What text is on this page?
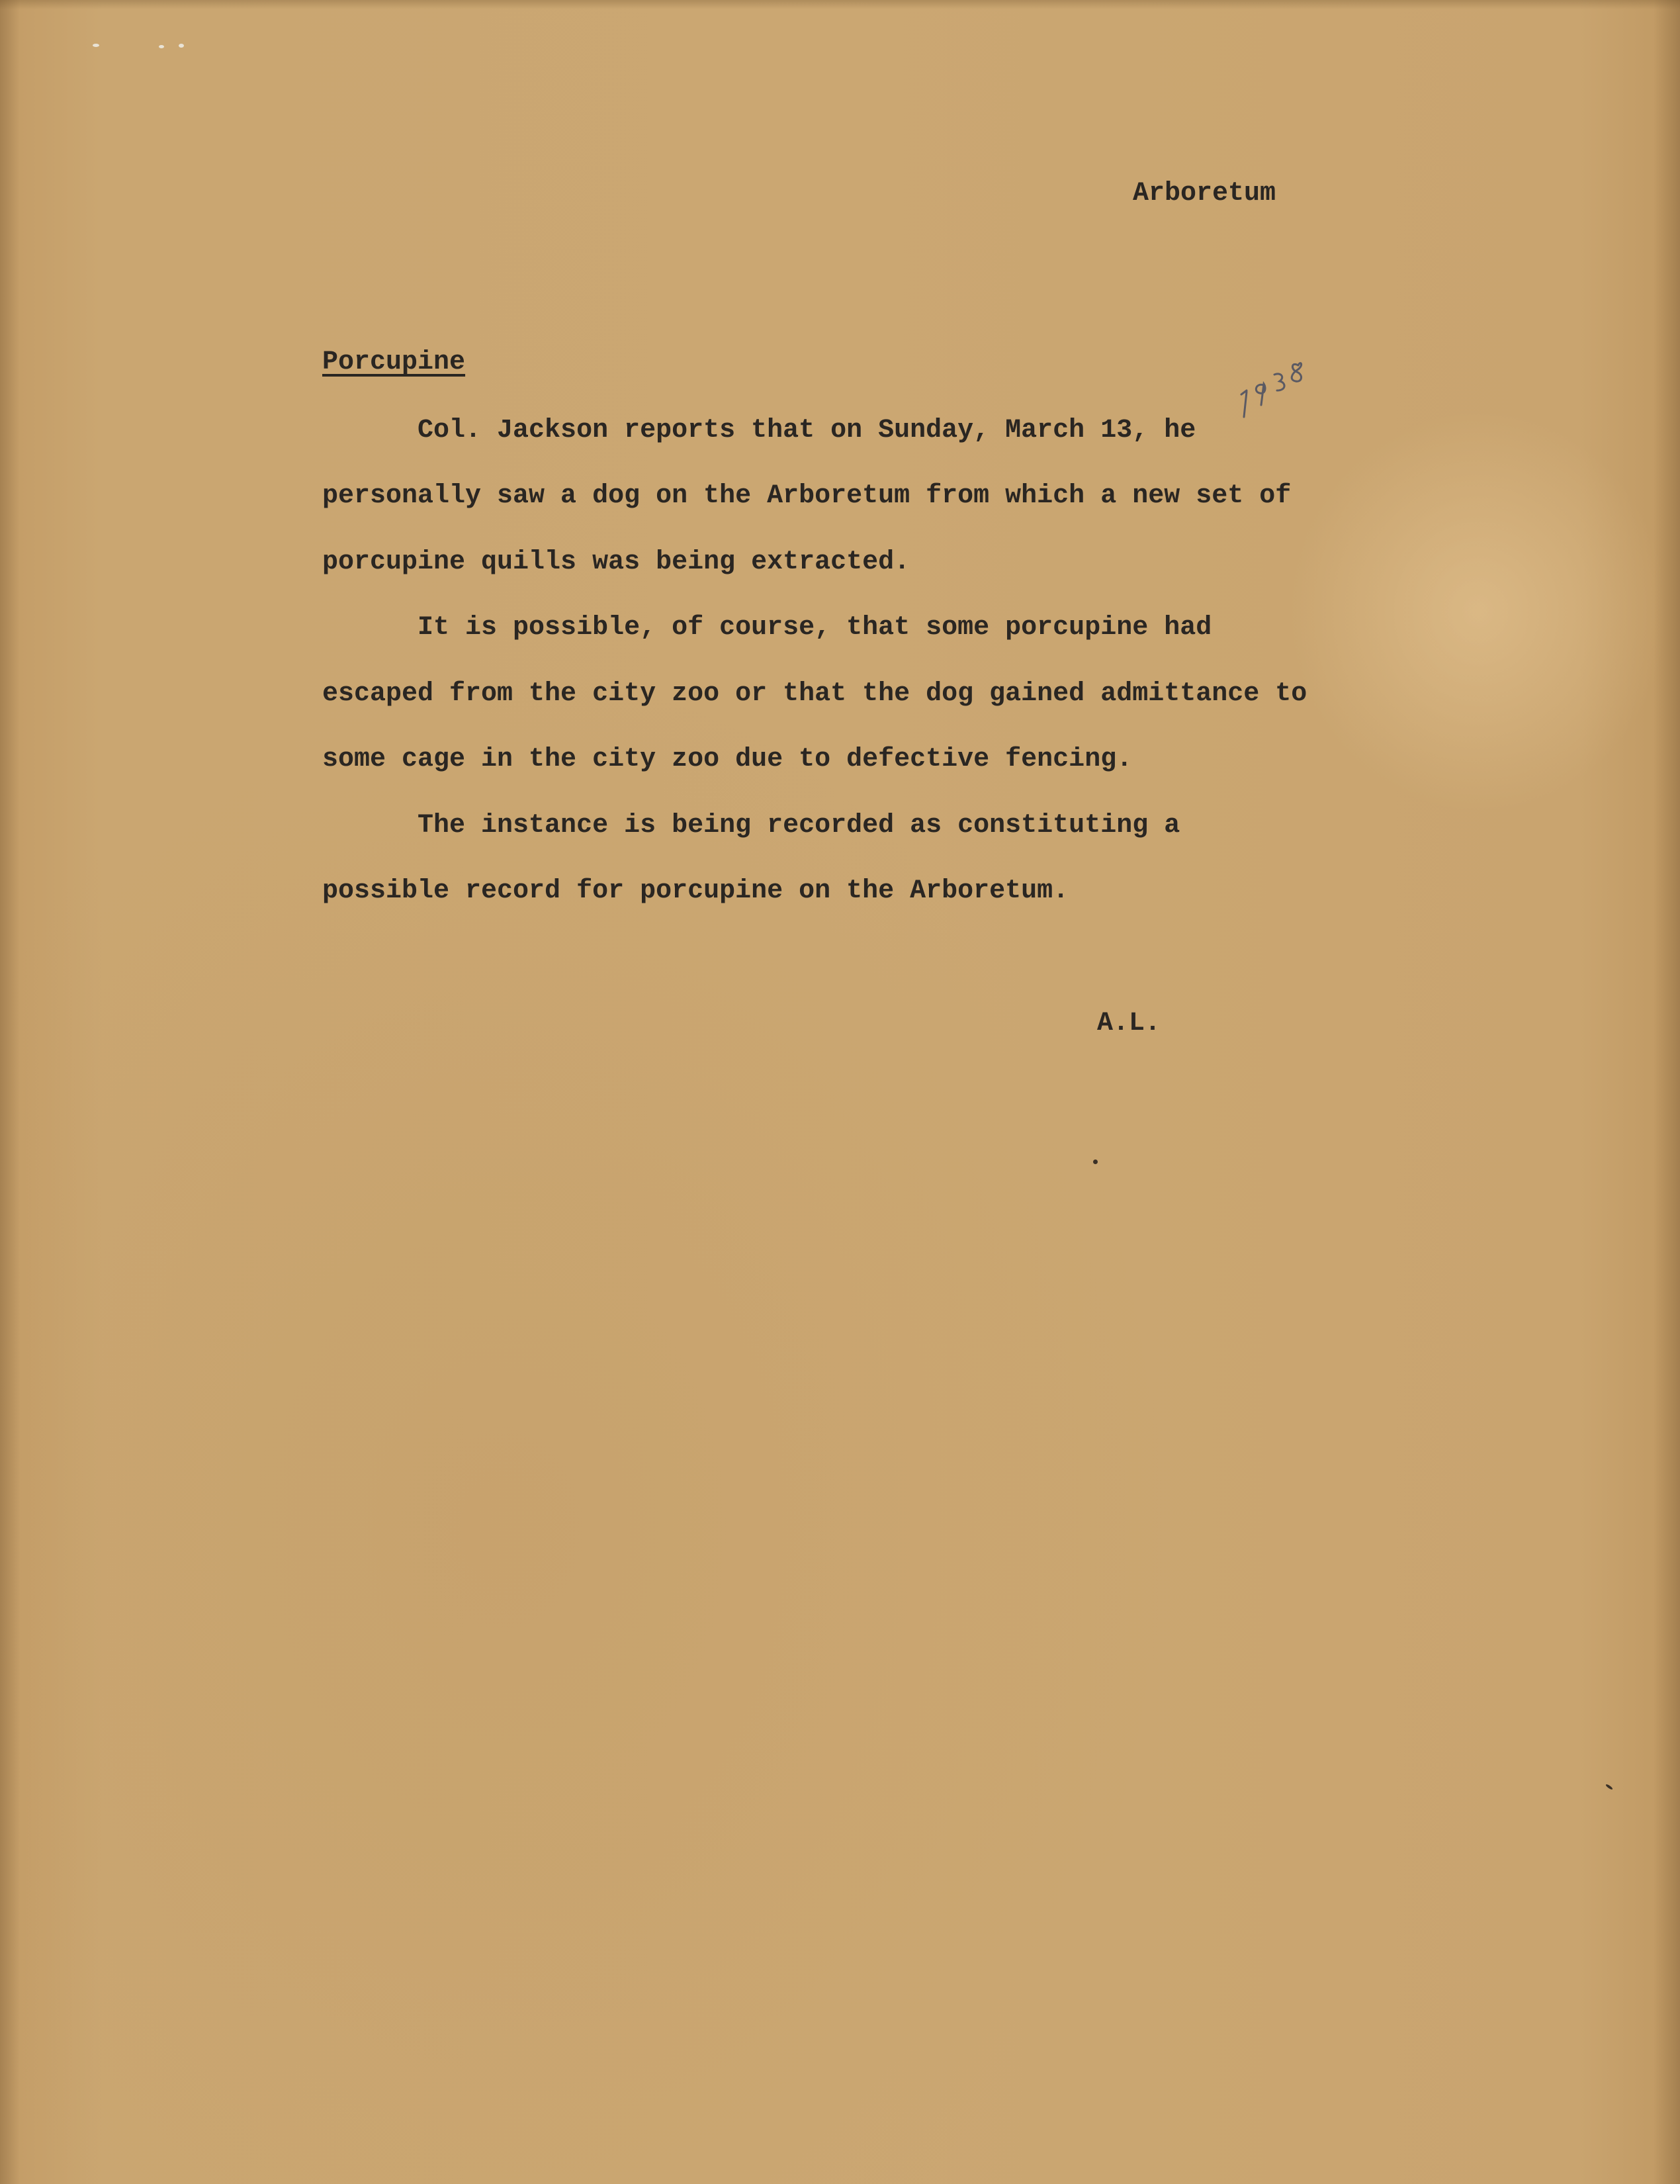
Arboretum
Porcupine
Col. Jackson reports that on Sunday, March 13, he
personally saw a dog on the Arboretum from which a new set of
porcupine quills was being extracted.
It is possible, of course, that some porcupine had
escaped from the city zoo or that the dog gained admittance to
some cage in the city zoo due to defective fencing.
The instance is being recorded as constituting a
possible record for porcupine on the Arboretum.
A.L.
